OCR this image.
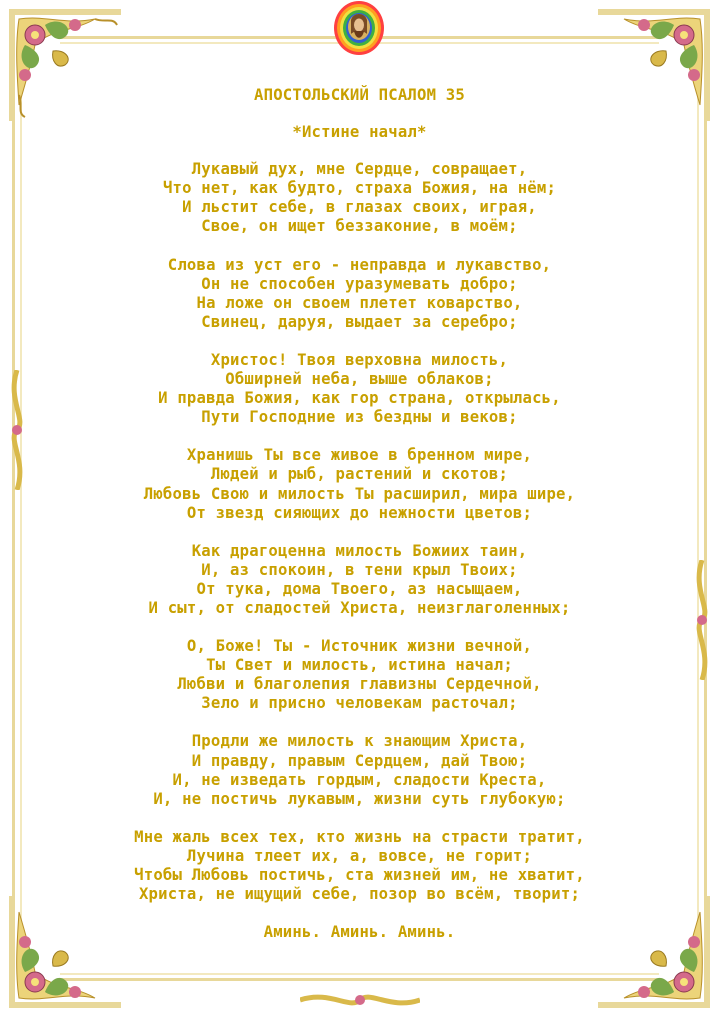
АПОСТОЛЬСКИЙ ПСАЛОМ 35
*Истине начал*
Лукавый дух, мне Сердце, совращает,
Что нет, как будто, страха Божия, на нём;
И льстит себе, в глазах своих, играя,
Свое, он ищет беззаконие, в моём;
Слова из уст его - неправда и лукавство,
Он не способен уразумевать добро;
На ложе он своем плетет коварство,
Свинец, даруя, выдает за серебро;
Христос! Твоя верховна милость,
Обширней неба, выше облаков;
И правда Божия, как гор страна, открылась,
Пути Господние из бездны и веков;
Хранишь Ты все живое в бренном мире,
Людей и рыб, растений и скотов;
Любовь Свою и милость Ты расширил, мира шире,
От звезд сияющих до нежности цветов;
Как драгоценна милость Божиих таин,
И, аз спокоин, в тени крыл Твоих;
От тука, дома Твоего, аз насыщаем,
И сыт, от сладостей Христа, неизглаголенных;
О, Боже! Ты - Источник жизни вечной,
Ты Свет и милость, истина начал;
Любви и благолепия главизны Сердечной,
Зело и присно человекам расточал;
Продли же милость к знающим Христа,
И правду, правым Сердцем, дай Твою;
И, не изведать гордым, сладости Креста,
И, не постичь лукавым, жизни суть глубокую;
Мне жаль всех тех, кто жизнь на страсти тратит,
Лучина тлеет их, а, вовсе, не горит;
Чтобы Любовь постичь, ста жизней им, не хватит,
Христа, не ищущий себе, позор во всём, творит;
Аминь. Аминь. Аминь.
